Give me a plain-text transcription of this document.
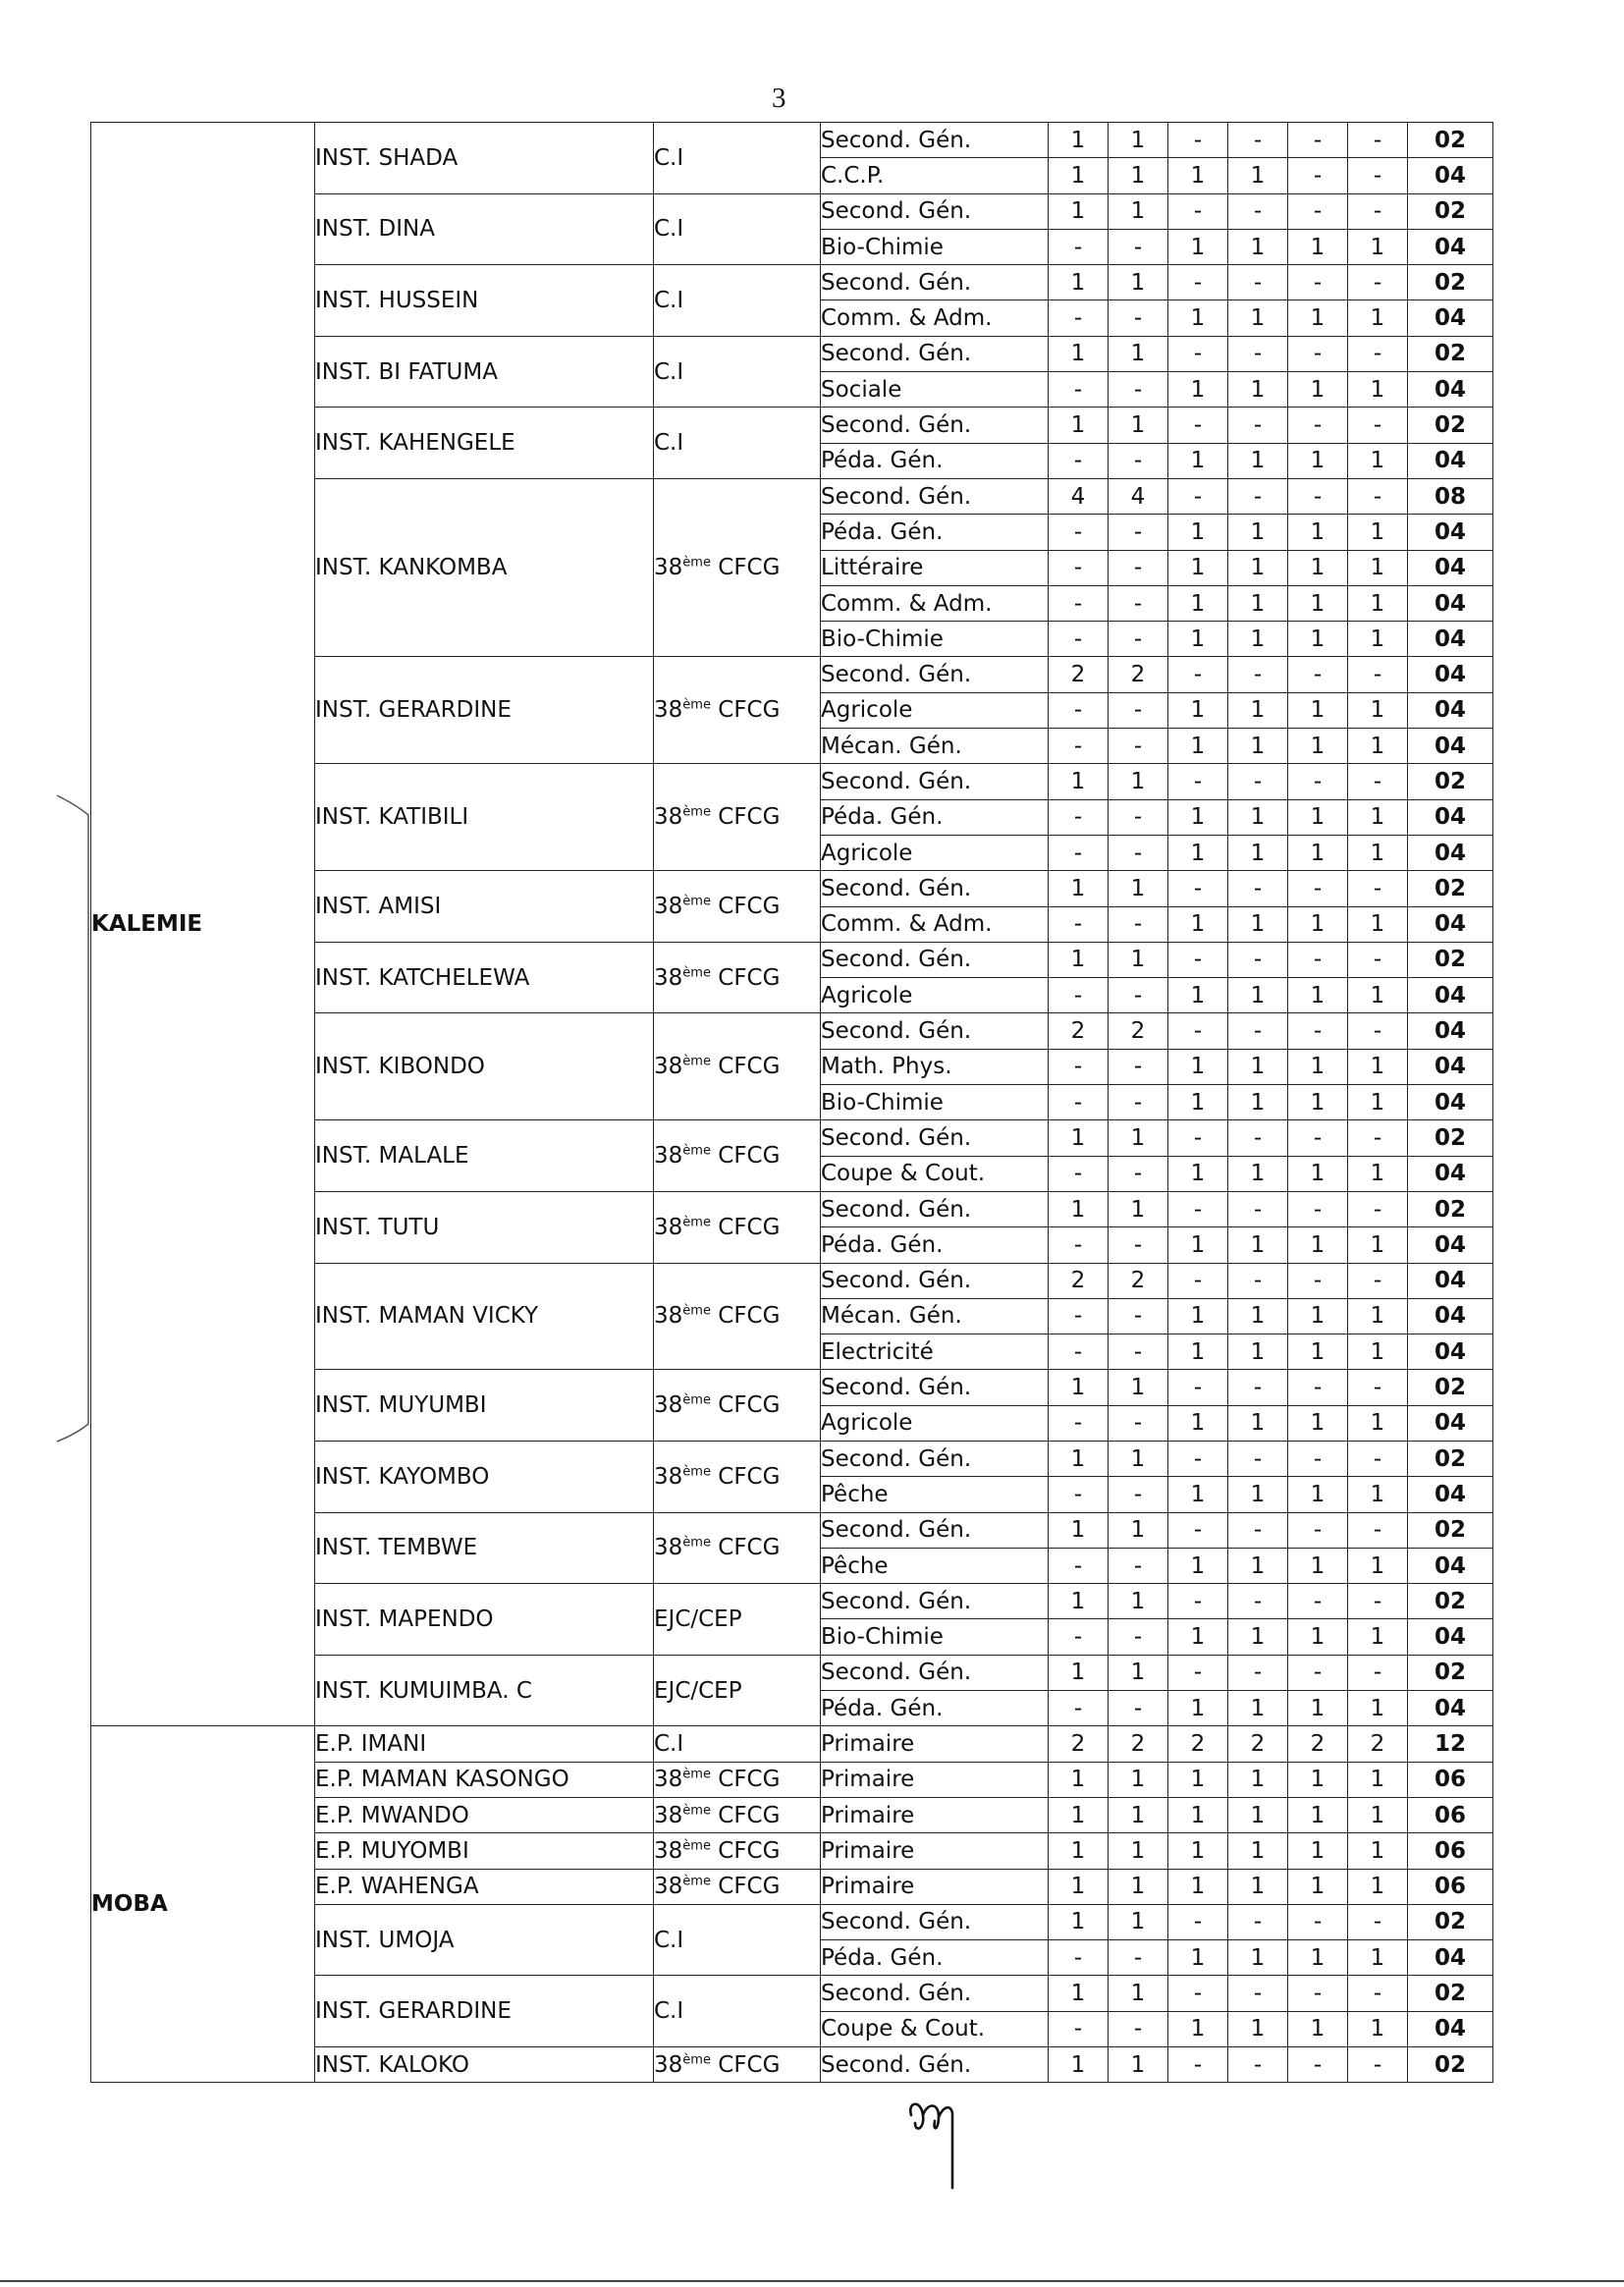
3
KALEMIE	INST. SHADA	C.I	Second. Gén.	1	1	-	-	-	-	02
			C.C.P.	1	1	1	1	-	-	04
	INST. DINA	C.I	Second. Gén.	1	1	-	-	-	-	02
			Bio-Chimie	-	-	1	1	1	1	04
	INST. HUSSEIN	C.I	Second. Gén.	1	1	-	-	-	-	02
			Comm. & Adm.	-	-	1	1	1	1	04
	INST. BI FATUMA	C.I	Second. Gén.	1	1	-	-	-	-	02
			Sociale	-	-	1	1	1	1	04
	INST. KAHENGELE	C.I	Second. Gén.	1	1	-	-	-	-	02
			Péda. Gén.	-	-	1	1	1	1	04
	INST. KANKOMBA	38ème CFCG	Second. Gén.	4	4	-	-	-	-	08
			Péda. Gén.	-	-	1	1	1	1	04
			Littéraire	-	-	1	1	1	1	04
			Comm. & Adm.	-	-	1	1	1	1	04
			Bio-Chimie	-	-	1	1	1	1	04
	INST. GERARDINE	38ème CFCG	Second. Gén.	2	2	-	-	-	-	04
			Agricole	-	-	1	1	1	1	04
			Mécan. Gén.	-	-	1	1	1	1	04
	INST. KATIBILI	38ème CFCG	Second. Gén.	1	1	-	-	-	-	02
			Péda. Gén.	-	-	1	1	1	1	04
			Agricole	-	-	1	1	1	1	04
	INST. AMISI	38ème CFCG	Second. Gén.	1	1	-	-	-	-	02
			Comm. & Adm.	-	-	1	1	1	1	04
	INST. KATCHELEWA	38ème CFCG	Second. Gén.	1	1	-	-	-	-	02
			Agricole	-	-	1	1	1	1	04
	INST. KIBONDO	38ème CFCG	Second. Gén.	2	2	-	-	-	-	04
			Math. Phys.	-	-	1	1	1	1	04
			Bio-Chimie	-	-	1	1	1	1	04
	INST. MALALE	38ème CFCG	Second. Gén.	1	1	-	-	-	-	02
			Coupe & Cout.	-	-	1	1	1	1	04
	INST. TUTU	38ème CFCG	Second. Gén.	1	1	-	-	-	-	02
			Péda. Gén.	-	-	1	1	1	1	04
	INST. MAMAN VICKY	38ème CFCG	Second. Gén.	2	2	-	-	-	-	04
			Mécan. Gén.	-	-	1	1	1	1	04
			Electricité	-	-	1	1	1	1	04
	INST. MUYUMBI	38ème CFCG	Second. Gén.	1	1	-	-	-	-	02
			Agricole	-	-	1	1	1	1	04
	INST. KAYOMBO	38ème CFCG	Second. Gén.	1	1	-	-	-	-	02
			Pêche	-	-	1	1	1	1	04
	INST. TEMBWE	38ème CFCG	Second. Gén.	1	1	-	-	-	-	02
			Pêche	-	-	1	1	1	1	04
	INST. MAPENDO	EJC/CEP	Second. Gén.	1	1	-	-	-	-	02
			Bio-Chimie	-	-	1	1	1	1	04
	INST. KUMUIMBA. C	EJC/CEP	Second. Gén.	1	1	-	-	-	-	02
			Péda. Gén.	-	-	1	1	1	1	04
MOBA	E.P. IMANI	C.I	Primaire	2	2	2	2	2	2	12
	E.P. MAMAN KASONGO	38ème CFCG	Primaire	1	1	1	1	1	1	06
	E.P. MWANDO	38ème CFCG	Primaire	1	1	1	1	1	1	06
	E.P. MUYOMBI	38ème CFCG	Primaire	1	1	1	1	1	1	06
	E.P. WAHENGA	38ème CFCG	Primaire	1	1	1	1	1	1	06
	INST. UMOJA	C.I	Second. Gén.	1	1	-	-	-	-	02
			Péda. Gén.	-	-	1	1	1	1	04
	INST. GERARDINE	C.I	Second. Gén.	1	1	-	-	-	-	02
			Coupe & Cout.	-	-	1	1	1	1	04
	INST. KALOKO	38ème CFCG	Second. Gén.	1	1	-	-	-	-	02
